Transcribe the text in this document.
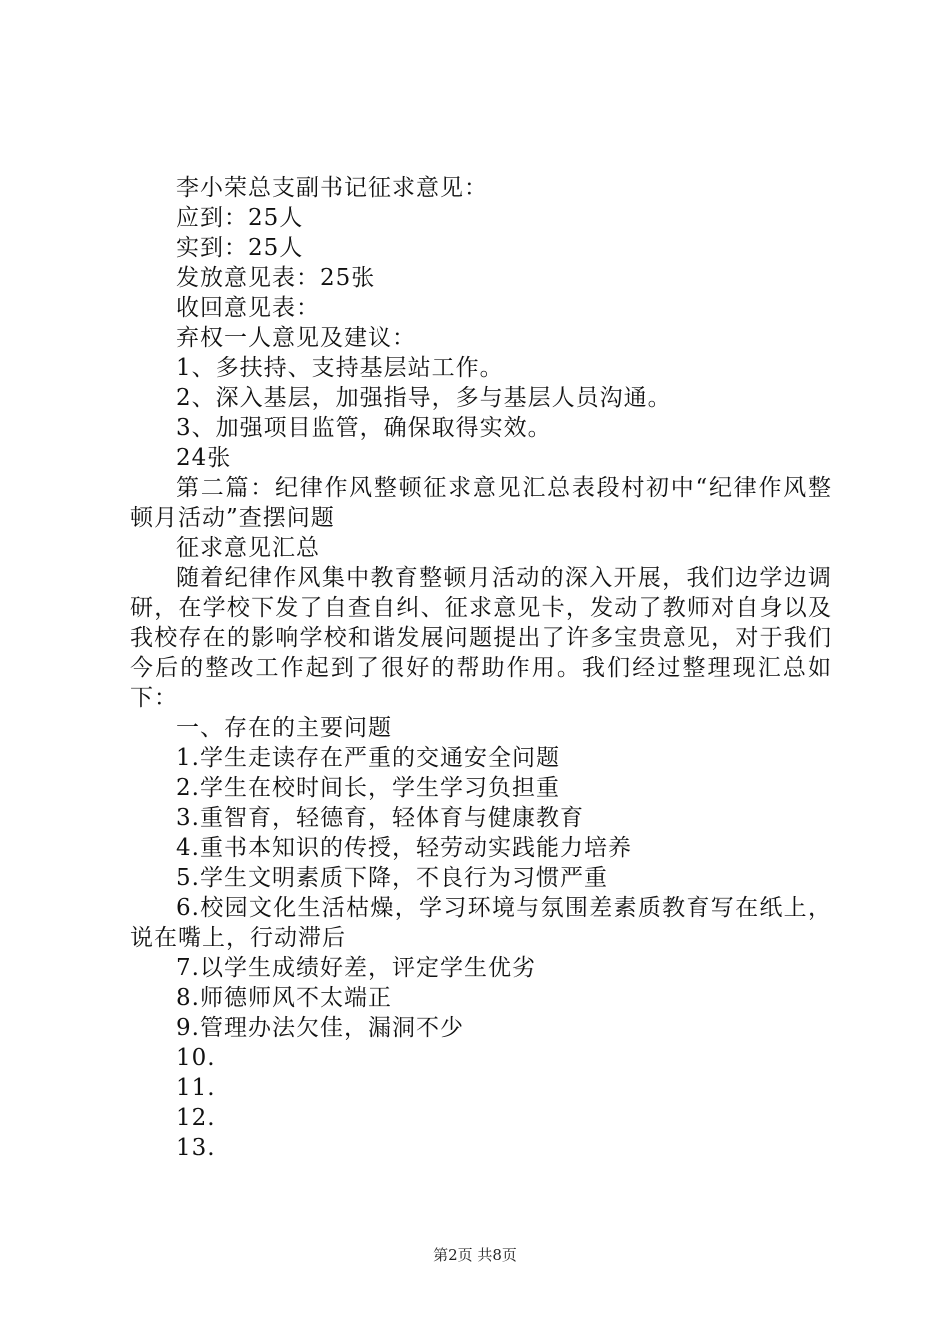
李小荣总支副书记征求意见：

应到：25人

实到：25人

发放意见表：25张

收回意见表：

弃权一人意见及建议：

1、多扶持、支持基层站工作。

2、深入基层，加强指导，多与基层人员沟通。

3、加强项目监管，确保取得实效。

24张

第二篇：纪律作风整顿征求意见汇总表段村初中“纪律作风整顿月活动”查摆问题

征求意见汇总

随着纪律作风集中教育整顿月活动的深入开展，我们边学边调研，在学校下发了自查自纠、征求意见卡，发动了教师对自身以及我校存在的影响学校和谐发展问题提出了许多宝贵意见，对于我们今后的整改工作起到了很好的帮助作用。我们经过整理现汇总如下：

一、存在的主要问题

1.学生走读存在严重的交通安全问题

2.学生在校时间长，学生学习负担重

3.重智育，轻德育，轻体育与健康教育

4.重书本知识的传授，轻劳动实践能力培养

5.学生文明素质下降，不良行为习惯严重

6.校园文化生活枯燥，学习环境与氛围差素质教育写在纸上，说在嘴上，行动滞后

7.以学生成绩好差，评定学生优劣

8.师德师风不太端正

9.管理办法欠佳，漏洞不少

10.

11.

12.

13.

第2页 共8页
